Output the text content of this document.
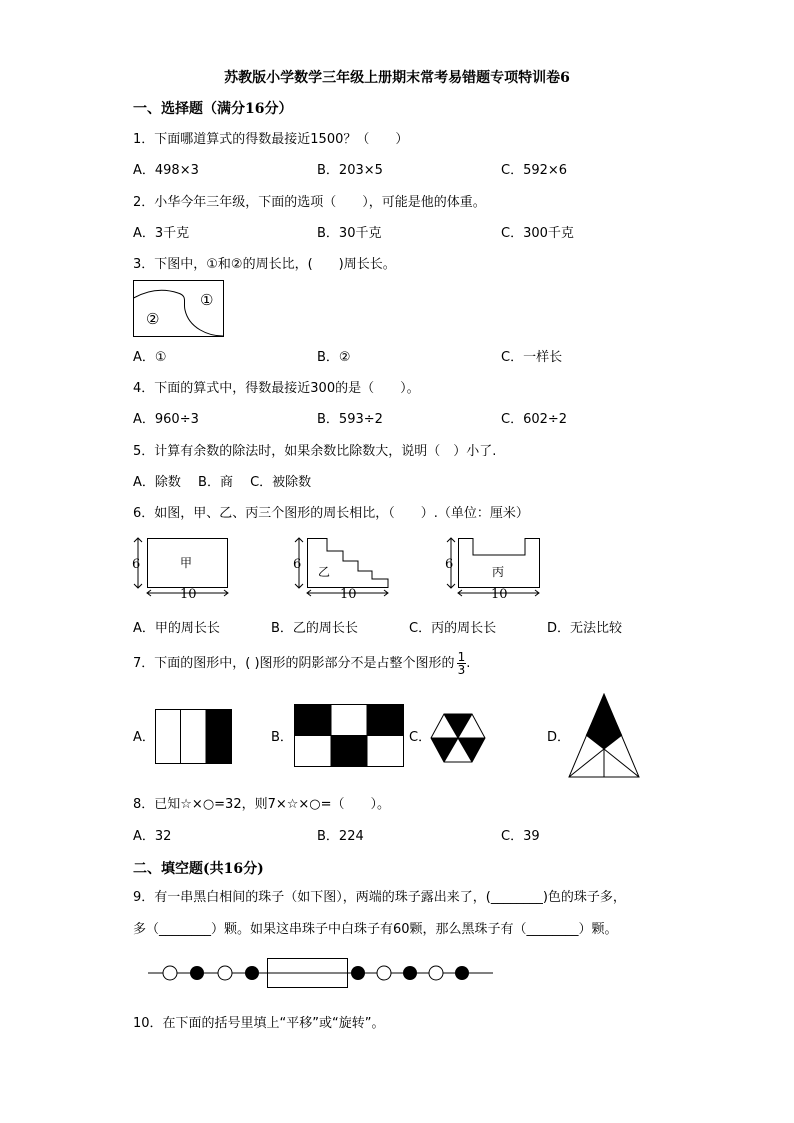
苏教版小学数学三年级上册期末常考易错题专项特训卷6
一、选择题（满分16分）
1．下面哪道算式的得数最接近1500？（　　）
A．498×3	B．203×5	C．592×6
2．小华今年三年级，下面的选项（　　），可能是他的体重。
A．3千克	B．30千克	C．300千克
3．下图中，①和②的周长比，(　　)周长长。
①
②
A．①	B．②	C．一样长
4．下面的算式中，得数最接近300的是（　　）。
A．960÷3	B．593÷2	C．602÷2
5．计算有余数的除法时，如果余数比除数大，说明（　）小了.
A．除数　 B．商　 C．被除数
6．如图，甲、乙、丙三个图形的周长相比，（　　）.（单位：厘米）
6	甲
10
6 乙
10
6	丙
10
A．甲的周长长	B．乙的周长长	C．丙的周长长	D．无法比较
7．下面的图形中，( )图形的阴影部分不是占整个图形的 $\frac{1}{3}$ .
A．	B．	C．	D．
8．已知☆×○=32，则7×☆×○=（　　）。
A．32	B．224	C．39
二、填空题(共16分)
9．有一串黑白相间的珠子（如下图），两端的珠子露出来了，(________)色的珠子多，
多（________）颗。如果这串珠子中白珠子有60颗，那么黑珠子有（________）颗。
10．在下面的括号里填上“平移”或“旋转”。
